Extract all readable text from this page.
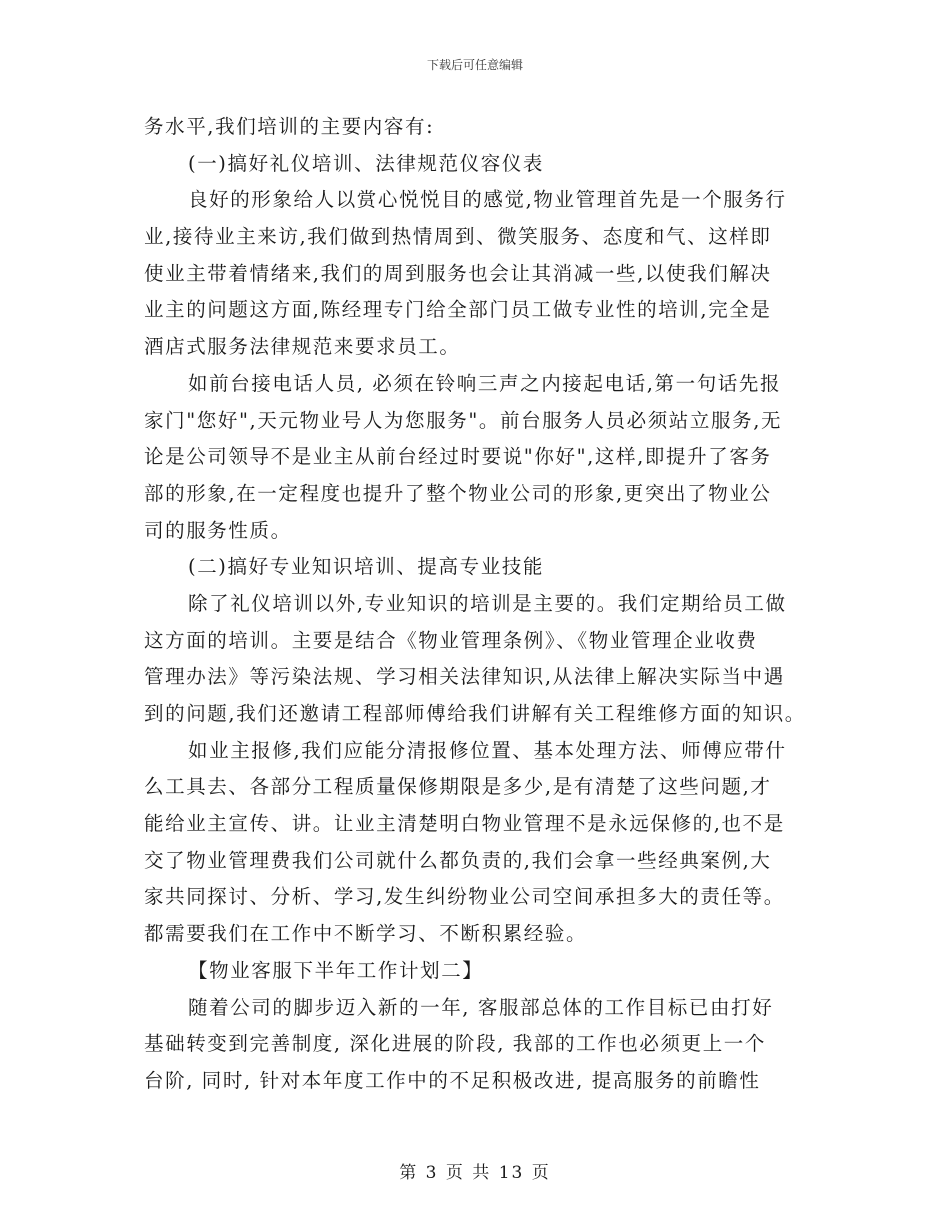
下载后可任意编辑
务水平,我们培训的主要内容有:
(一)搞好礼仪培训、法律规范仪容仪表
良好的形象给人以赏心悦悦目的感觉,物业管理首先是一个服务行
业,接待业主来访,我们做到热情周到、微笑服务、态度和气、这样即
使业主带着情绪来,我们的周到服务也会让其消减一些,以使我们解决
业主的问题这方面,陈经理专门给全部门员工做专业性的培训,完全是
酒店式服务法律规范来要求员工。
如前台接电话人员, 必须在铃响三声之内接起电话,第一句话先报
家门"您好",天元物业号人为您服务"。前台服务人员必须站立服务,无
论是公司领导不是业主从前台经过时要说"你好",这样,即提升了客务
部的形象,在一定程度也提升了整个物业公司的形象,更突出了物业公
司的服务性质。
(二)搞好专业知识培训、提高专业技能
除了礼仪培训以外,专业知识的培训是主要的。我们定期给员工做
这方面的培训。主要是结合《物业管理条例》、《物业管理企业收费
管理办法》等污染法规、学习相关法律知识,从法律上解决实际当中遇
到的问题,我们还邀请工程部师傅给我们讲解有关工程维修方面的知识。
如业主报修,我们应能分清报修位置、基本处理方法、师傅应带什
么工具去、各部分工程质量保修期限是多少,是有清楚了这些问题,才
能给业主宣传、讲。让业主清楚明白物业管理不是永远保修的,也不是
交了物业管理费我们公司就什么都负责的,我们会拿一些经典案例,大
家共同探讨、分析、学习,发生纠纷物业公司空间承担多大的责任等。
都需要我们在工作中不断学习、不断积累经验。
【物业客服下半年工作计划二】
随着公司的脚步迈入新的一年, 客服部总体的工作目标已由打好
基础转变到完善制度, 深化进展的阶段, 我部的工作也必须更上一个
台阶, 同时, 针对本年度工作中的不足积极改进, 提高服务的前瞻性
第 3 页 共 13 页
